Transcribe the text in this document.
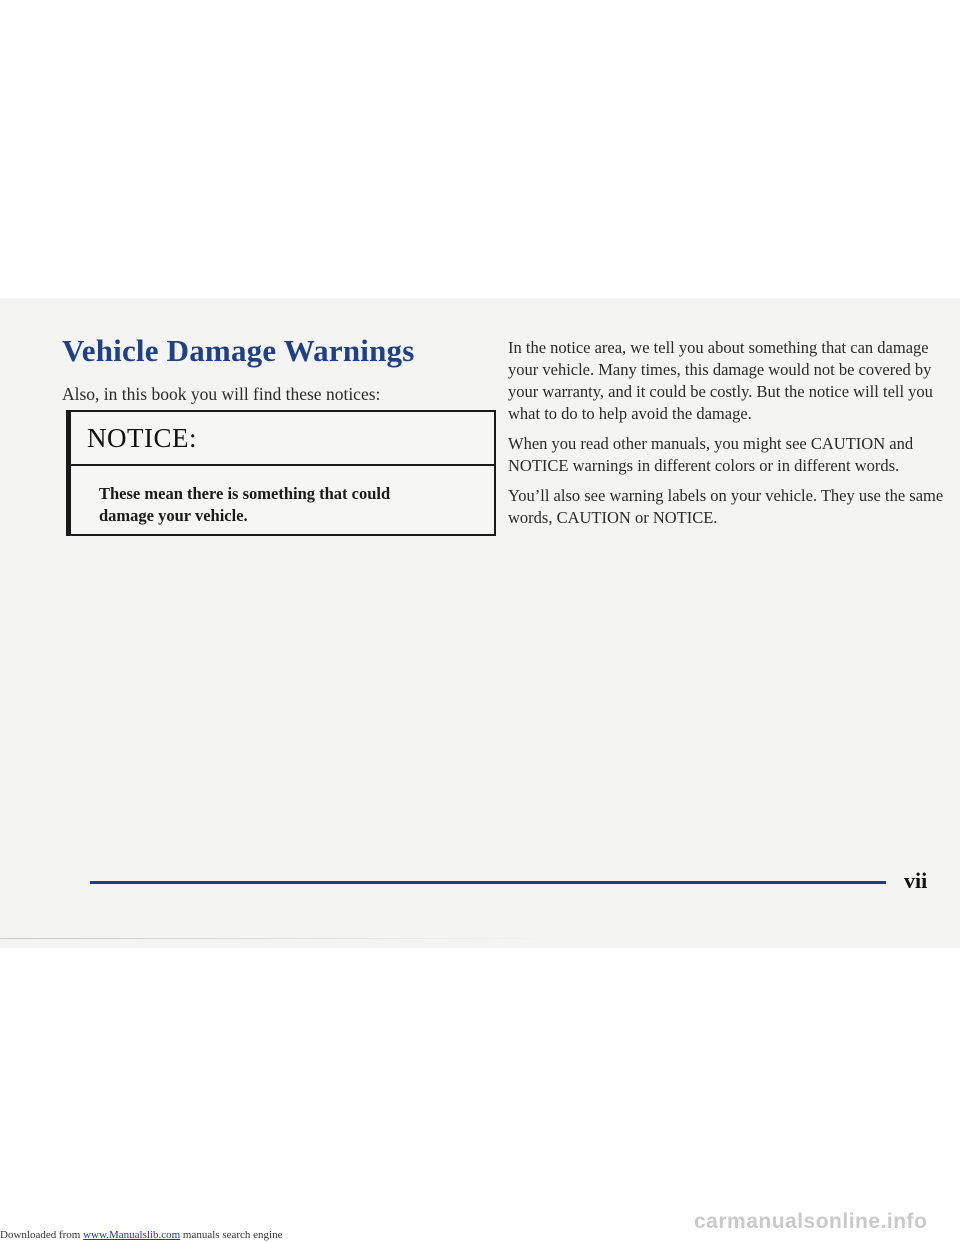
Vehicle Damage Warnings

Also, in this book you will find these notices:

NOTICE:
These mean there is something that could damage your vehicle.

In the notice area, we tell you about something that can damage your vehicle. Many times, this damage would not be covered by your warranty, and it could be costly. But the notice will tell you what to do to help avoid the damage.

When you read other manuals, you might see CAUTION and NOTICE warnings in different colors or in different words.

You’ll also see warning labels on your vehicle. They use the same words, CAUTION or NOTICE.

vii
Downloaded from www.Manualslib.com manuals search engine
carmanualsonline.info
